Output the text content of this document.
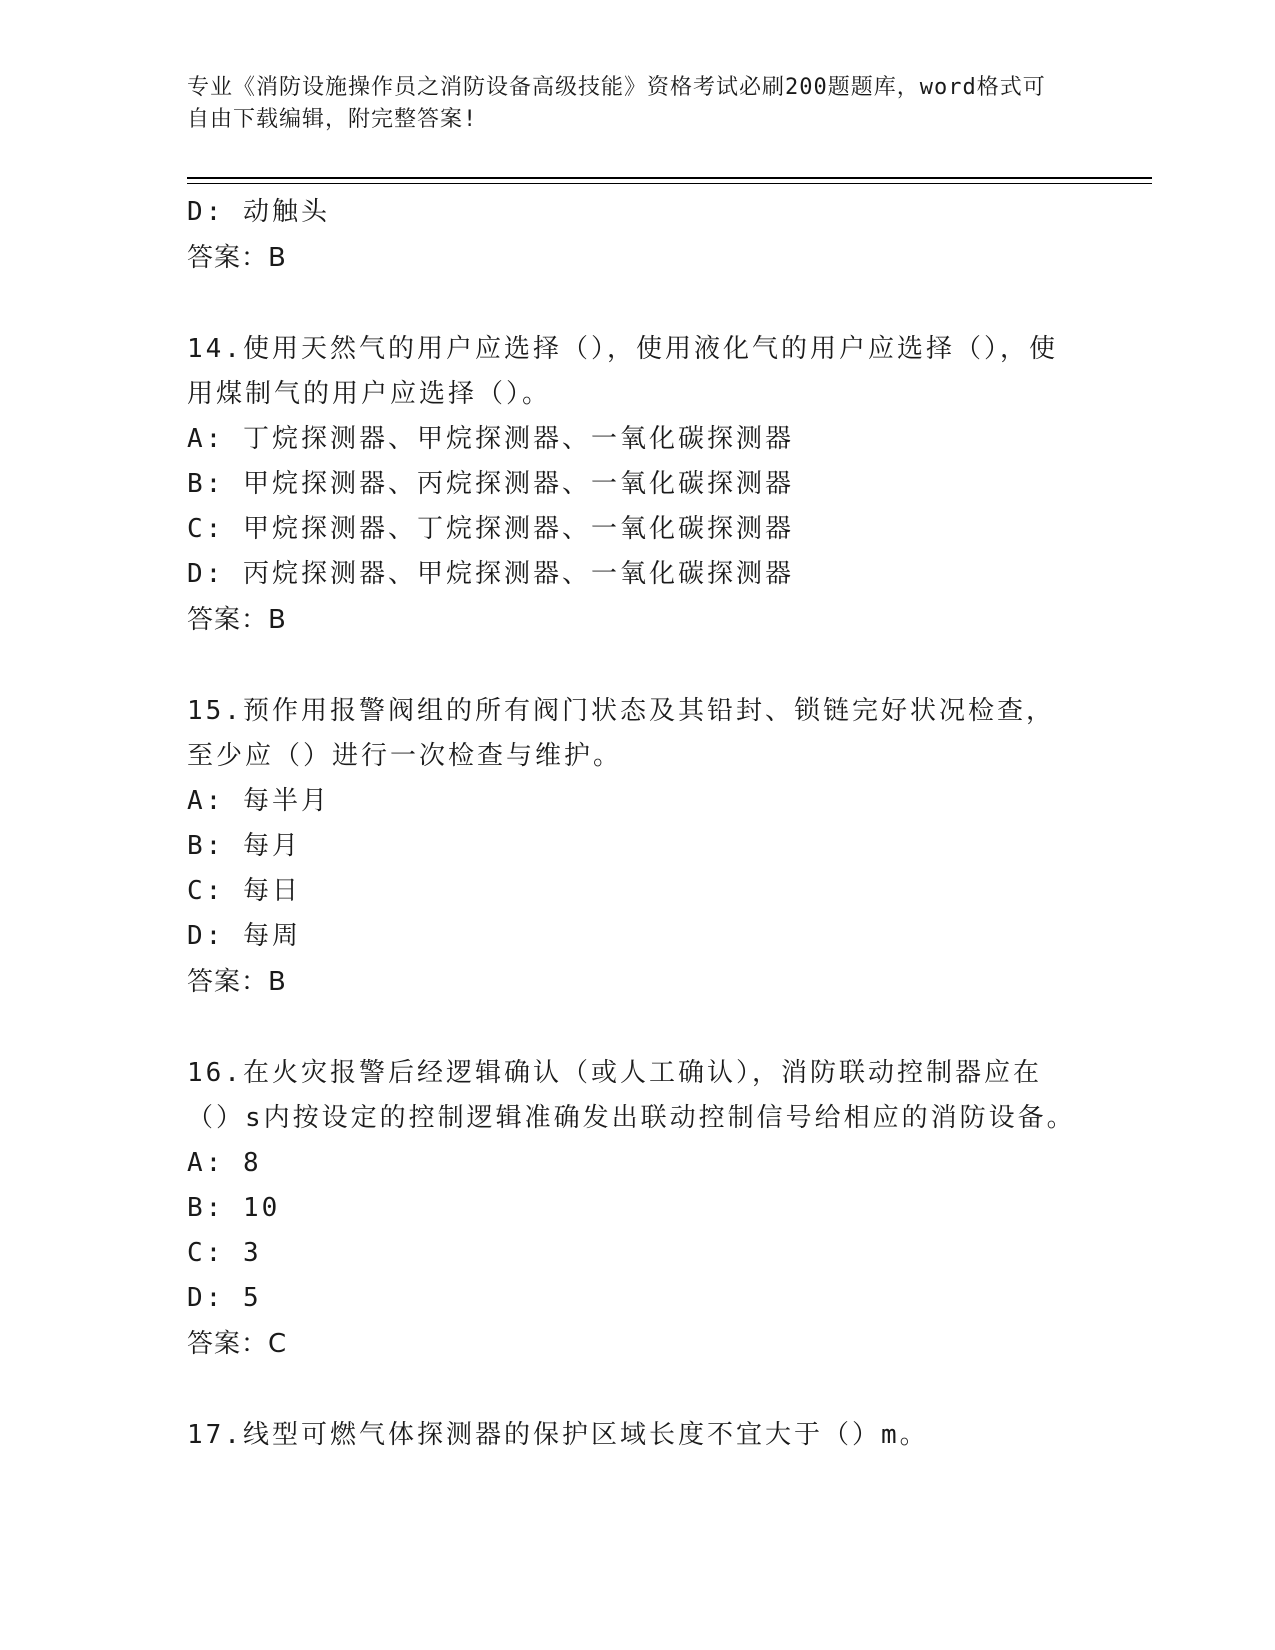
专业《消防设施操作员之消防设备高级技能》资格考试必刷200题题库，word格式可自由下载编辑，附完整答案!
D: 动触头
答案：B
14.使用天然气的用户应选择（），使用液化气的用户应选择（），使用煤制气的用户应选择（）。
A: 丁烷探测器、甲烷探测器、一氧化碳探测器
B: 甲烷探测器、丙烷探测器、一氧化碳探测器
C: 甲烷探测器、丁烷探测器、一氧化碳探测器
D: 丙烷探测器、甲烷探测器、一氧化碳探测器
答案：B
15.预作用报警阀组的所有阀门状态及其铅封、锁链完好状况检查，至少应（）进行一次检查与维护。
A: 每半月
B: 每月
C: 每日
D: 每周
答案：B
16.在火灾报警后经逻辑确认（或人工确认），消防联动控制器应在（）s内按设定的控制逻辑准确发出联动控制信号给相应的消防设备。
A: 8
B: 10
C: 3
D: 5
答案：C
17.线型可燃气体探测器的保护区域长度不宜大于（）m。
